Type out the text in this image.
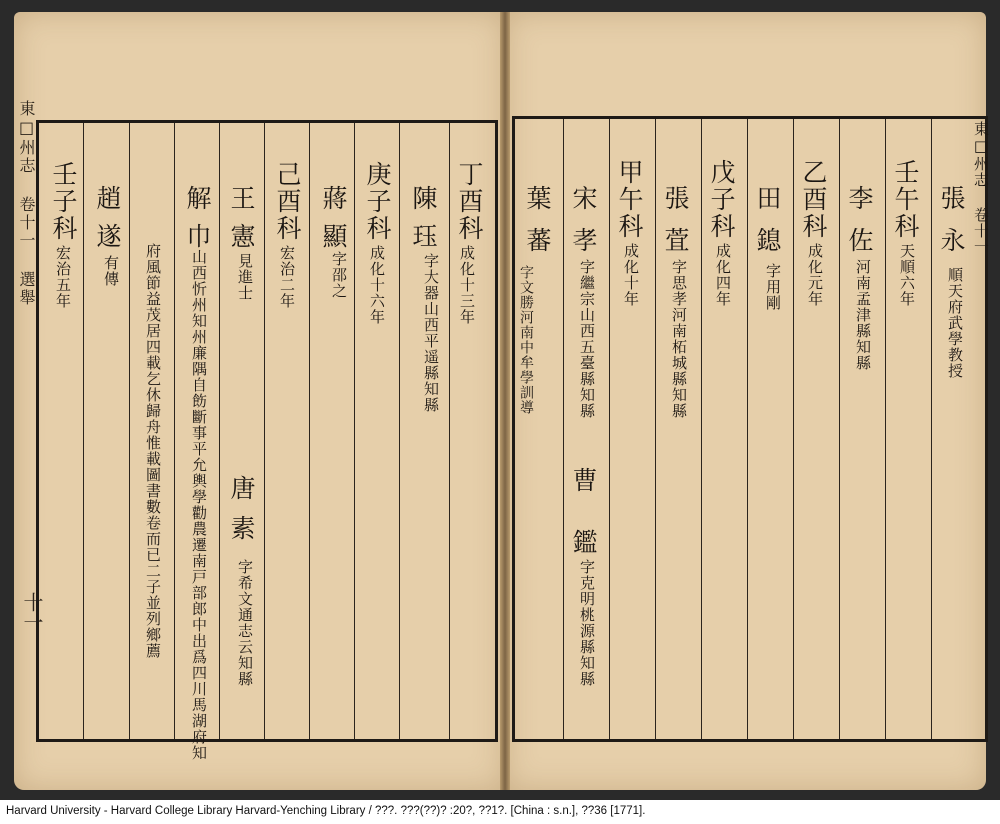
東□州志 卷十一 選舉
十一
丁酉科
成化十三年
陳
珏
字大器山西平遥縣知縣
庚子科
成化十六年
蔣
顯
字邵之
己酉科
宏治二年
王
憲
見進士
唐
素
字希文通志云知縣
解
巾
山西忻州知州廉隅自飭斷事平允輿學勸農遷南戸部郎中出爲四川馬湖府知
府風節益茂居四載乞休歸舟惟載圖書數卷而已二子並列鄉薦
趙
遂
有傳
壬子科
宏治五年
東□州志 卷十一
張
永
順天府武學教授
壬午科
天順六年
李
佐
河南孟津縣知縣
乙酉科
成化元年
田
鎴
字用剛
戊子科
成化四年
張
萓
字思孝河南柘城縣知縣
甲午科
成化十年
宋
孝
字繼宗山西五臺縣知縣
曹
鑑
字克明桃源縣知縣
葉
蕃
字文勝河南中牟學訓導
Harvard University - Harvard College Library Harvard-Yenching Library / ???. ???(??)? :20?, ??1?. [China : s.n.], ??36 [1771].
